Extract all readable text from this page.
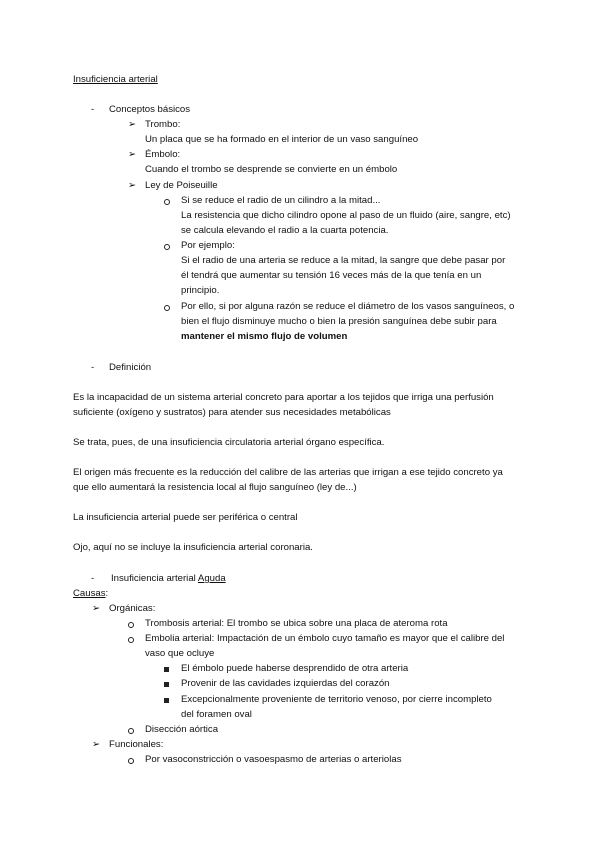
Insuficiencia arterial
- Conceptos básicos
➢ Trombo:
Un placa que se ha formado en el interior de un vaso sanguíneo
➢ Émbolo:
Cuando el trombo se desprende se convierte en un émbolo
➢ Ley de Poiseuille
Si se reduce el radio de un cilindro a la mitad...
La resistencia que dicho cilindro opone al paso de un fluido (aire, sangre, etc)
se calcula elevando el radio a la cuarta potencia.
Por ejemplo:
Si el radio de una arteria se reduce a la mitad, la sangre que debe pasar por
él tendrá que aumentar su tensión 16 veces más de la que tenía en un
principio.
Por ello, si por alguna razón se reduce el diámetro de los vasos sanguíneos, o
bien el flujo disminuye mucho o bien la presión sanguínea debe subir para
mantener el mismo flujo de volumen
- Definición
Es la incapacidad de un sistema arterial concreto para aportar a los tejidos que irriga una perfusión
suficiente (oxígeno y sustratos) para atender sus necesidades metabólicas
Se trata, pues, de una insuficiencia circulatoria arterial órgano específica.
El origen más frecuente es la reducción del calibre de las arterias que irrigan a ese tejido concreto ya
que ello aumentará la resistencia local al flujo sanguíneo (ley de...)
La insuficiencia arterial puede ser periférica o central
Ojo, aquí no se incluye la insuficiencia arterial coronaria.
- Insuficiencia arterial Aguda
Causas:
➢ Orgánicas:
Trombosis arterial: El trombo se ubica sobre una placa de ateroma rota
Embolia arterial: Impactación de un émbolo cuyo tamaño es mayor que el calibre del
vaso que ocluye
El émbolo puede haberse desprendido de otra arteria
Provenir de las cavidades izquierdas del corazón
Excepcionalmente proveniente de territorio venoso, por cierre incompleto
del foramen oval
Disección aórtica
➢ Funcionales:
Por vasoconstricción o vasoespasmo de arterias o arteriolas
